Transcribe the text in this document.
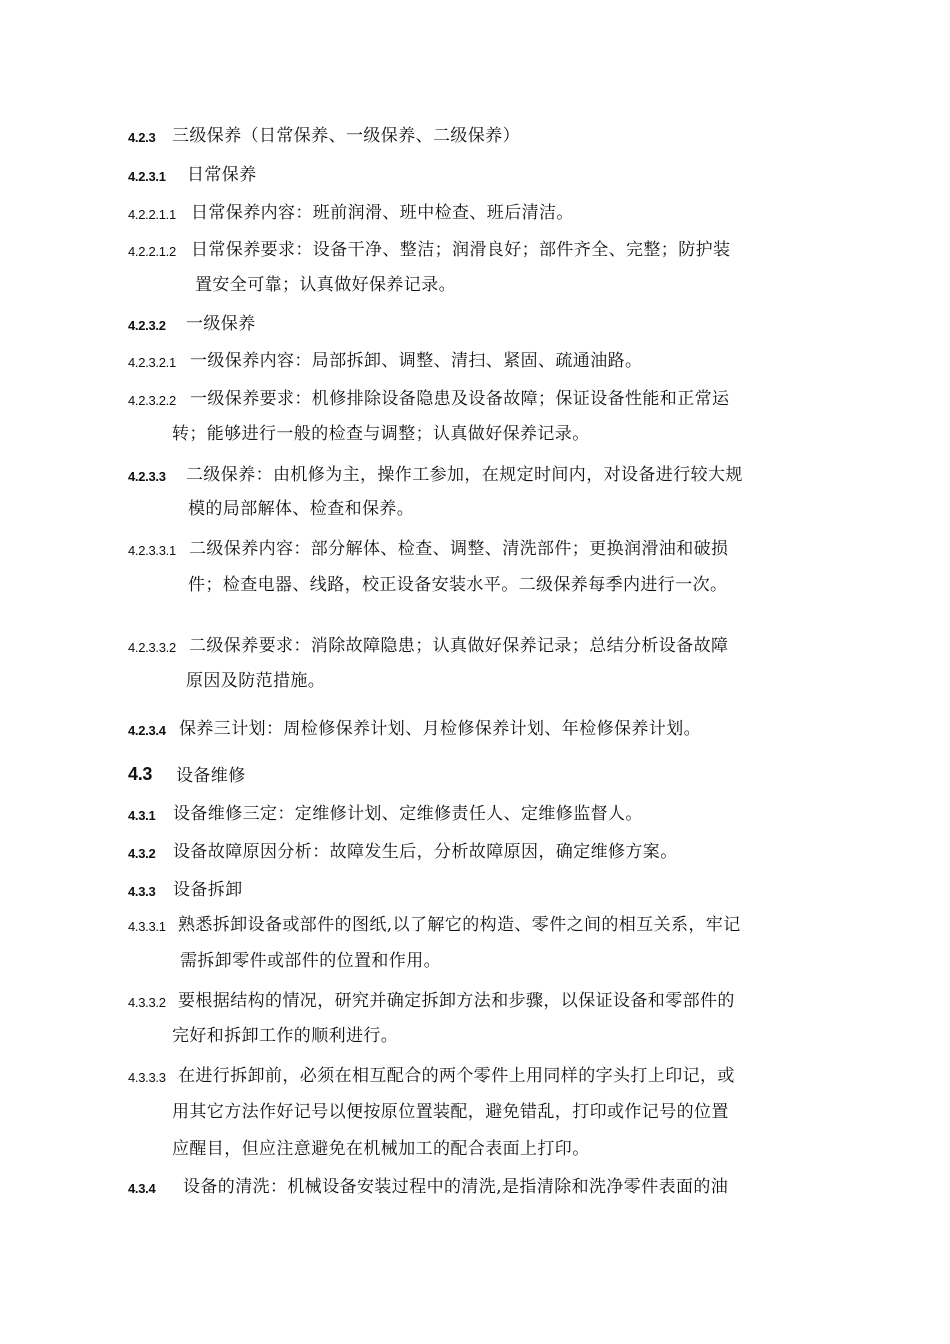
4.2.3 三级保养（日常保养、一级保养、二级保养）
4.2.3.1 日常保养
4.2.2.1.1 日常保养内容：班前润滑、班中检查、班后清洁。
4.2.2.1.2 日常保养要求：设备干净、整洁；润滑良好；部件齐全、完整；防护装
置安全可靠；认真做好保养记录。
4.2.3.2 一级保养
4.2.3.2.1 一级保养内容：局部拆卸、调整、清扫、紧固、疏通油路。
4.2.3.2.2 一级保养要求：机修排除设备隐患及设备故障；保证设备性能和正常运
转；能够进行一般的检查与调整；认真做好保养记录。
4.2.3.3 二级保养：由机修为主，操作工参加，在规定时间内，对设备进行较大规
模的局部解体、检查和保养。
4.2.3.3.1 二级保养内容：部分解体、检查、调整、清洗部件；更换润滑油和破损
件；检查电器、线路，校正设备安装水平。二级保养每季内进行一次。
4.2.3.3.2 二级保养要求：消除故障隐患；认真做好保养记录；总结分析设备故障
原因及防范措施。
4.2.3.4 保养三计划：周检修保养计划、月检修保养计划、年检修保养计划。
4.3 设备维修
4.3.1 设备维修三定：定维修计划、定维修责任人、定维修监督人。
4.3.2 设备故障原因分析：故障发生后，分析故障原因，确定维修方案。
4.3.3 设备拆卸
4.3.3.1 熟悉拆卸设备或部件的图纸,以了解它的构造、零件之间的相互关系，牢记
需拆卸零件或部件的位置和作用。
4.3.3.2 要根据结构的情况，研究并确定拆卸方法和步骤，以保证设备和零部件的
完好和拆卸工作的顺利进行。
4.3.3.3 在进行拆卸前，必须在相互配合的两个零件上用同样的字头打上印记，或
用其它方法作好记号以便按原位置装配，避免错乱，打印或作记号的位置
应醒目，但应注意避免在机械加工的配合表面上打印。
4.3.4 设备的清洗：机械设备安装过程中的清洗,是指清除和洗净零件表面的油
